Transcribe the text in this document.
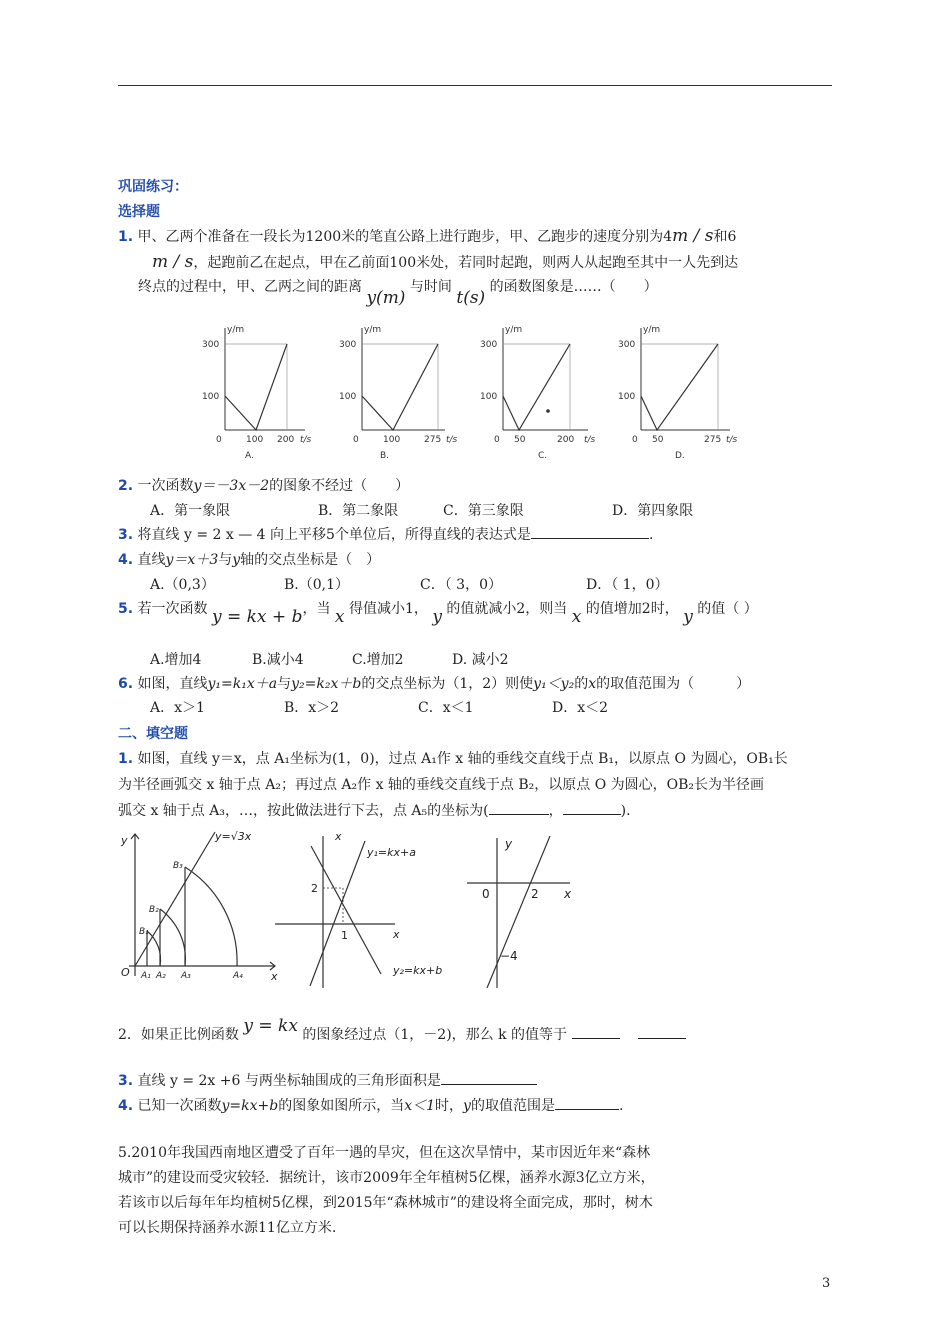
巩固练习：
选择题
1. 甲、乙两个准备在一段长为1200米的笔直公路上进行跑步，甲、乙跑步的速度分别为4m / s和6
m / s，起跑前乙在起点，甲在乙前面100米处，若同时起跑，则两人从起跑至其中一人先到达
终点的过程中，甲、乙两之间的距离 y(m) 与时间 t(s) 的函数图象是……（　　）
y/m
300
100
0	100 200 t/s
A.
y/m
300
100
0	100	275 t/s
B.
y/m
300
100
0 50	200 t/s
C.
y/m
300
100
0 50	275 t/s
D.
2. 一次函数y＝－3x－2的图象不经过（　　）
A．第一象限	B．第二象限	C．第三象限	D．第四象限
3. 将直线 y = 2 x — 4 向上平移5个单位后，所得直线的表达式是	.
4. 直线y＝x＋3与y轴的交点坐标是（　）
A.（0,3）	B.（0,1）	C．（ 3，0）	D．（ 1，0）
5. 若一次函数 y = kx + b，当 x 得值减小1， y 的值就减小2，则当 x 的值增加2时， y 的值（ ）
A.增加4	B.减小4	C.增加2	D. 减小2
6. 如图，直线y₁=k₁x＋a与y₂=k₂x＋b的交点坐标为（1，2）则使y₁＜y₂的x的取值范围为（　　　）
A．x＞1	B．x＞2	C．x＜1	D．x＜2
二、填空题
1. 如图，直线 y＝x，点 A₁坐标为(1，0)，过点 A₁作 x 轴的垂线交直线于点 B₁，以原点 O 为圆心，OB₁长
为半径画弧交 x 轴于点 A₂；再过点 A₂作 x 轴的垂线交直线于点 B₂，以原点 O 为圆心，OB₂长为半径画
弧交 x 轴于点 A₃，…，按此做法进行下去，点 A₅的坐标为(	，	).
y
x
y=√3x
O A₁ A₂ A₃	A₄
B₁
B₂
B₃
x
x
y₁=kx+a
y₂=kx+b
2
1
y
x
0	2
−4
2．如果正比例函数 y = kx 的图象经过点（1，－2)，那么 k 的值等于
3. 直线 y = 2x +6 与两坐标轴围成的三角形面积是
4. 已知一次函数y=kx+b的图象如图所示，当x＜1时，y的取值范围是	.
5.2010年我国西南地区遭受了百年一遇的旱灾，但在这次旱情中，某市因近年来“森林
城市”的建设而受灾较轻．据统计，该市2009年全年植树5亿棵，涵养水源3亿立方米，
若该市以后每年年均植树5亿棵，到2015年“森林城市”的建设将全面完成，那时，树木
可以长期保持涵养水源11亿立方米.
3
